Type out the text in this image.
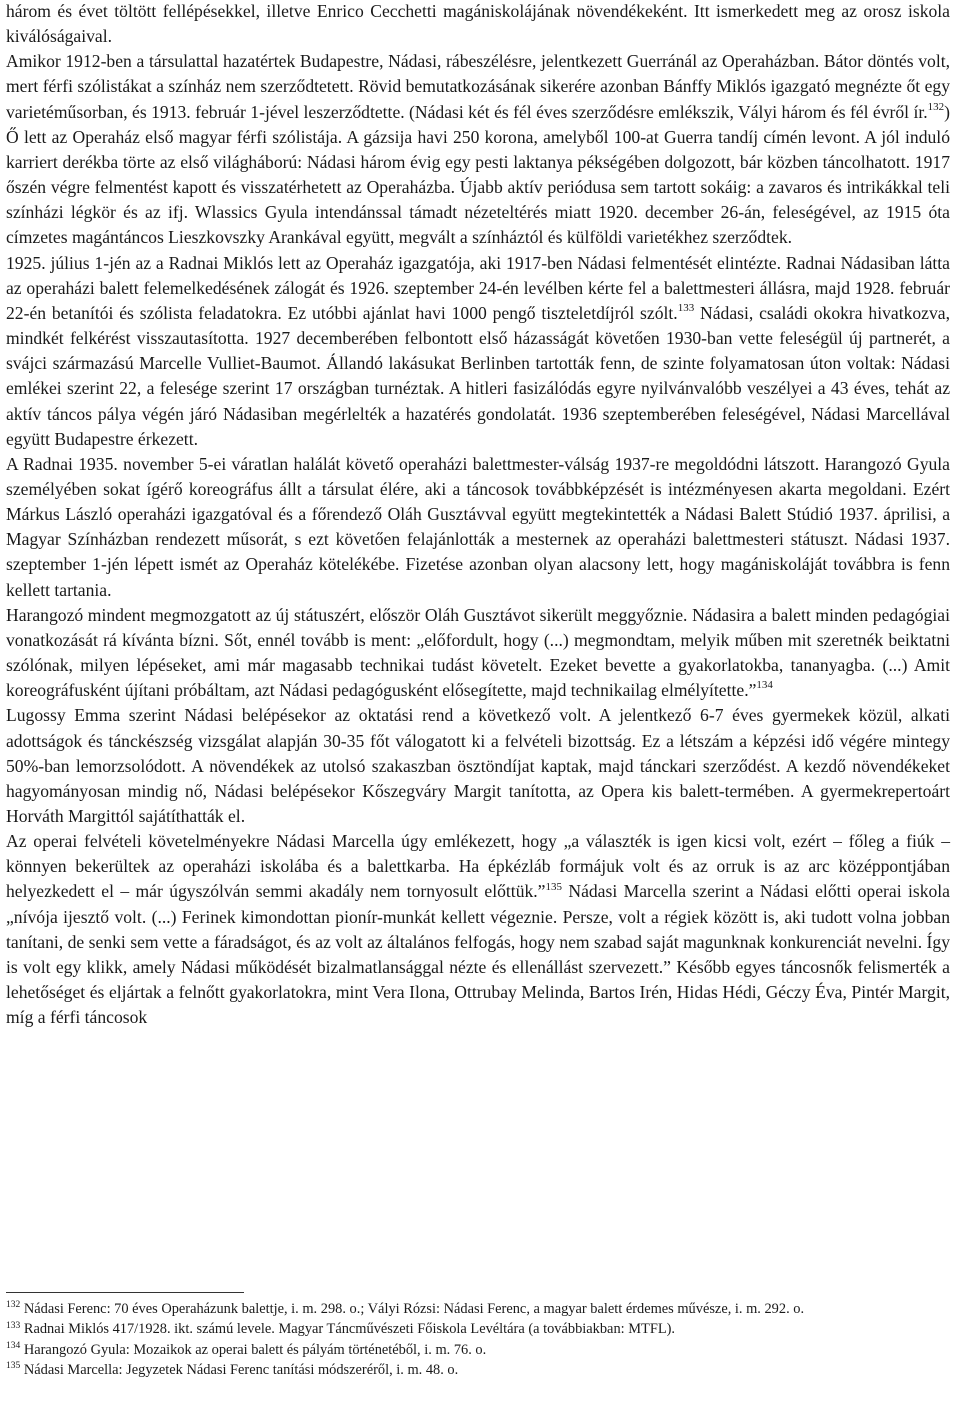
három és évet töltött fellépésekkel, illetve Enrico Cecchetti magániskolájának növendékeként. Itt ismerkedett meg az orosz iskola kiválóságaival.

Amikor 1912-ben a társulattal hazatértek Budapestre, Nádasi, rábeszélésre, jelentkezett Guerránál az Operaházban. Bátor döntés volt, mert férfi szólistákat a színház nem szerződtetett. Rövid bemutatkozásának sikerére azonban Bánffy Miklós igazgató megnézte őt egy varietéműsorban, és 1913. február 1-jével leszerződtette. (Nádasi két és fél éves szerződésre emlékszik, Vályi három és fél évről ír.$^{132}$) Ő lett az Operaház első magyar férfi szólistája. A gázsija havi 250 korona, amelyből 100-at Guerra tandíj címén levont. A jól induló karriert derékba törte az első világháború: Nádasi három évig egy pesti laktanya pékségében dolgozott, bár közben táncolhatott. 1917 őszén végre felmentést kapott és visszatérhetett az Operaházba. Újabb aktív periódusa sem tartott sokáig: a zavaros és intrikákkal teli színházi légkör és az ifj. Wlassics Gyula intendánssal támadt nézeteltérés miatt 1920. december 26-án, feleségével, az 1915 óta címzetes magántáncos Lieszkovszky Arankával együtt, megvált a színháztól és külföldi varietékhez szerződtek.

1925. július 1-jén az a Radnai Miklós lett az Operaház igazgatója, aki 1917-ben Nádasi felmentését elintézte. Radnai Nádasiban látta az operaházi balett felemelkedésének zálogát és 1926. szeptember 24-én levélben kérte fel a balettmesteri állásra, majd 1928. február 22-én betanítói és szólista feladatokra. Ez utóbbi ajánlat havi 1000 pengő tiszteletdíjról szólt.$^{133}$ Nádasi, családi okokra hivatkozva, mindkét felkérést visszautasította. 1927 decemberében felbontott első házasságát követően 1930-ban vette feleségül új partnerét, a svájci származású Marcelle Vulliet-Baumot. Állandó lakásukat Berlinben tartották fenn, de szinte folyamatosan úton voltak: Nádasi emlékei szerint 22, a felesége szerint 17 országban turnéztak. A hitleri fasizálódás egyre nyilvánvalóbb veszélyei a 43 éves, tehát az aktív táncos pálya végén járó Nádasiban megérlelték a hazatérés gondolatát. 1936 szeptemberében feleségével, Nádasi Marcellával együtt Budapestre érkezett.

A Radnai 1935. november 5-ei váratlan halálát követő operaházi balettmester-válság 1937-re megoldódni látszott. Harangozó Gyula személyében sokat ígérő koreográfus állt a társulat élére, aki a táncosok továbbképzését is intézményesen akarta megoldani. Ezért Márkus László operaházi igazgatóval és a főrendező Oláh Gusztávval együtt megtekintették a Nádasi Balett Stúdió 1937. áprilisi, a Magyar Színházban rendezett műsorát, s ezt követően felajánlották a mesternek az operaházi balettmesteri státuszt. Nádasi 1937. szeptember 1-jén lépett ismét az Operaház kötelékébe. Fizetése azonban olyan alacsony lett, hogy magániskoláját továbbra is fenn kellett tartania.

Harangozó mindent megmozgatott az új státuszért, először Oláh Gusztávot sikerült meggyőznie. Nádasira a balett minden pedagógiai vonatkozását rá kívánta bízni. Sőt, ennél tovább is ment: „előfordult, hogy (...) megmondtam, melyik műben mit szeretnék beiktatni szólónak, milyen lépéseket, ami már magasabb technikai tudást követelt. Ezeket bevette a gyakorlatokba, tananyagba. (...) Amit koreográfusként újítani próbáltam, azt Nádasi pedagógusként elősegítette, majd technikailag elmélyítette.”$^{134}$

Lugossy Emma szerint Nádasi belépésekor az oktatási rend a következő volt. A jelentkező 6-7 éves gyermekek közül, alkati adottságok és tánckészség vizsgálat alapján 30-35 főt válogatott ki a felvételi bizottság. Ez a létszám a képzési idő végére mintegy 50%-ban lemorzsolódott. A növendékek az utolsó szakaszban ösztöndíjat kaptak, majd tánckari szerződést. A kezdő növendékeket hagyományosan mindig nő, Nádasi belépésekor Kőszegváry Margit tanította, az Opera kis balett-termében. A gyermekrepertoárt Horváth Margittól sajátíthatták el.

Az operai felvételi követelményekre Nádasi Marcella úgy emlékezett, hogy „a választék is igen kicsi volt, ezért – főleg a fiúk – könnyen bekerültek az operaházi iskolába és a balettkarba. Ha épkézláb formájuk volt és az orruk is az arc középpontjában helyezkedett el – már úgyszólván semmi akadály nem tornyosult előttük.”$^{135}$ Nádasi Marcella szerint a Nádasi előtti operai iskola „nívója ijesztő volt. (...) Ferinek kimondottan pionír-munkát kellett végeznie. Persze, volt a régiek között is, aki tudott volna jobban tanítani, de senki sem vette a fáradságot, és az volt az általános felfogás, hogy nem szabad saját magunknak konkurenciát nevelni. Így is volt egy klikk, amely Nádasi működését bizalmatlansággal nézte és ellenállást szervezett.” Később egyes táncosnők felismerték a lehetőséget és eljártak a felnőtt gyakorlatokra, mint Vera Ilona, Ottrubay Melinda, Bartos Irén, Hidas Hédi, Géczy Éva, Pintér Margit, míg a férfi táncosok

$^{132}$ Nádasi Ferenc: 70 éves Operaházunk balettje, i. m. 298. o.; Vályi Rózsi: Nádasi Ferenc, a magyar balett érdemes művésze, i. m. 292. o.

$^{133}$ Radnai Miklós 417/1928. ikt. számú levele. Magyar Táncművészeti Főiskola Levéltára (a továbbiakban: MTFL).

$^{134}$ Harangozó Gyula: Mozaikok az operai balett és pályám történetéből, i. m. 76. o.

$^{135}$ Nádasi Marcella: Jegyzetek Nádasi Ferenc tanítási módszeréről, i. m. 48. o.
